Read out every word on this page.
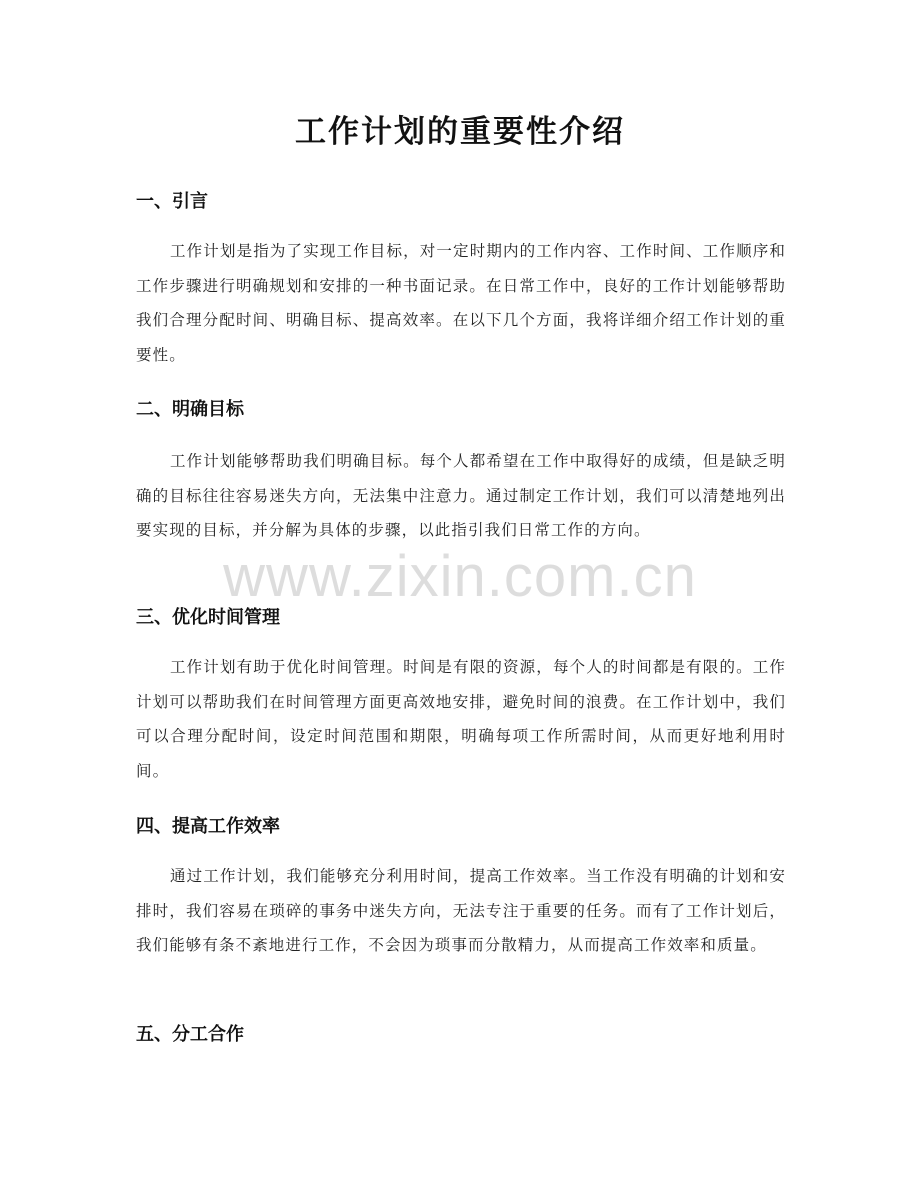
工作计划的重要性介绍
一、引言
工作计划是指为了实现工作目标，对一定时期内的工作内容、工作时间、工作顺序和工作步骤进行明确规划和安排的一种书面记录。在日常工作中，良好的工作计划能够帮助我们合理分配时间、明确目标、提高效率。在以下几个方面，我将详细介绍工作计划的重要性。
二、明确目标
工作计划能够帮助我们明确目标。每个人都希望在工作中取得好的成绩，但是缺乏明确的目标往往容易迷失方向，无法集中注意力。通过制定工作计划，我们可以清楚地列出要实现的目标，并分解为具体的步骤，以此指引我们日常工作的方向。
三、优化时间管理
工作计划有助于优化时间管理。时间是有限的资源，每个人的时间都是有限的。工作计划可以帮助我们在时间管理方面更高效地安排，避免时间的浪费。在工作计划中，我们可以合理分配时间，设定时间范围和期限，明确每项工作所需时间，从而更好地利用时间。
四、提高工作效率
通过工作计划，我们能够充分利用时间，提高工作效率。当工作没有明确的计划和安排时，我们容易在琐碎的事务中迷失方向，无法专注于重要的任务。而有了工作计划后，我们能够有条不紊地进行工作，不会因为琐事而分散精力，从而提高工作效率和质量。
五、分工合作
www.zixin.com.cn
